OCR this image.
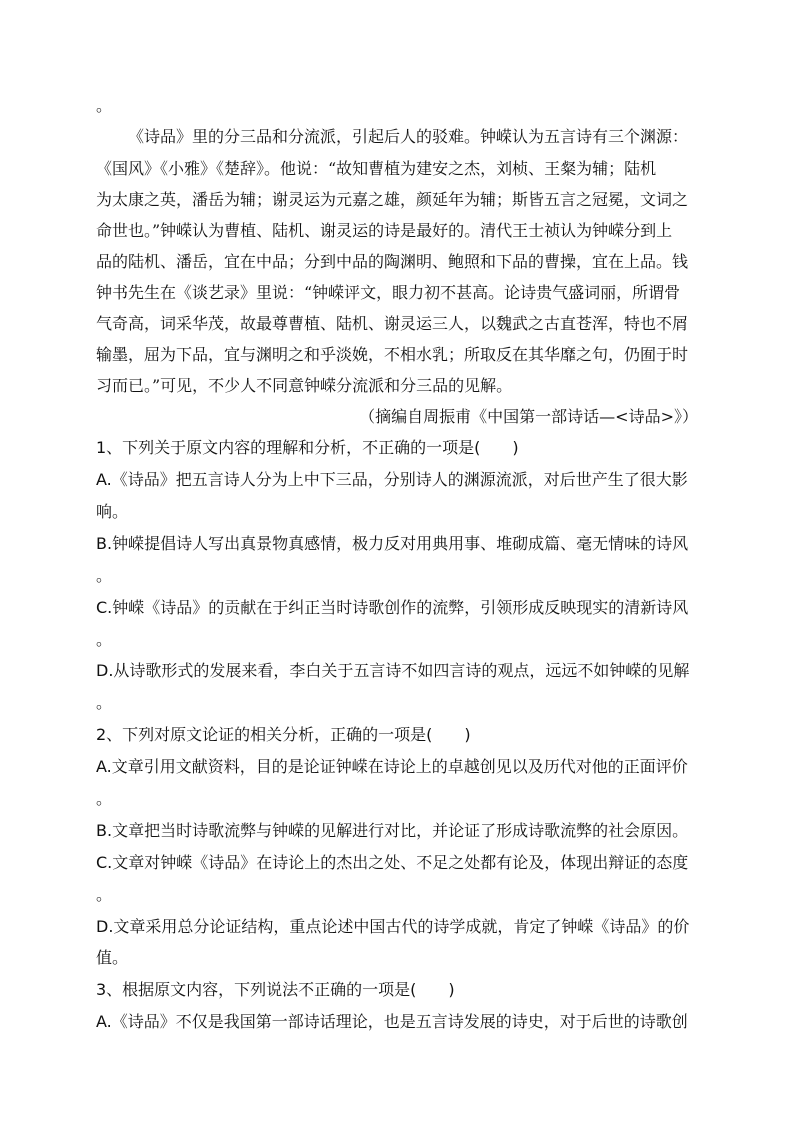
。
《诗品》里的分三品和分流派，引起后人的驳难。钟嵘认为五言诗有三个渊源：
《国风》《小雅》《楚辞》。他说：“故知曹植为建安之杰，刘桢、王粲为辅；陆机
为太康之英，潘岳为辅；谢灵运为元嘉之雄，颜延年为辅；斯皆五言之冠冕，文词之
命世也。”钟嵘认为曹植、陆机、谢灵运的诗是最好的。清代王士祯认为钟嵘分到上
品的陆机、潘岳，宜在中品；分到中品的陶渊明、鲍照和下品的曹操，宜在上品。钱
钟书先生在《谈艺录》里说：“钟嵘评文，眼力初不甚高。论诗贵气盛词丽，所谓骨
气奇高，词采华茂，故最尊曹植、陆机、谢灵运三人，以魏武之古直苍浑，特也不屑
输墨，屈为下品，宜与渊明之和乎淡娩，不相水乳；所取反在其华靡之句，仍囿于时
习而已。”可见，不少人不同意钟嵘分流派和分三品的见解。
（摘编自周振甫《中国第一部诗话—<诗品>》）
1、下列关于原文内容的理解和分析，不正确的一项是(　　)
A.《诗品》把五言诗人分为上中下三品，分别诗人的渊源流派，对后世产生了很大影
响。
B.钟嵘提倡诗人写出真景物真感情，极力反对用典用事、堆砌成篇、毫无情味的诗风
。
C.钟嵘《诗品》的贡献在于纠正当时诗歌创作的流弊，引领形成反映现实的清新诗风
。
D.从诗歌形式的发展来看，李白关于五言诗不如四言诗的观点，远远不如钟嵘的见解
。
2、下列对原文论证的相关分析，正确的一项是(　　)
A.文章引用文献资料，目的是论证钟嵘在诗论上的卓越创见以及历代对他的正面评价
。
B.文章把当时诗歌流弊与钟嵘的见解进行对比，并论证了形成诗歌流弊的社会原因。
C.文章对钟嵘《诗品》在诗论上的杰出之处、不足之处都有论及，体现出辩证的态度
。
D.文章采用总分论证结构，重点论述中国古代的诗学成就，肯定了钟嵘《诗品》的价
值。
3、根据原文内容，下列说法不正确的一项是(　　)
A.《诗品》不仅是我国第一部诗话理论，也是五言诗发展的诗史，对于后世的诗歌创
